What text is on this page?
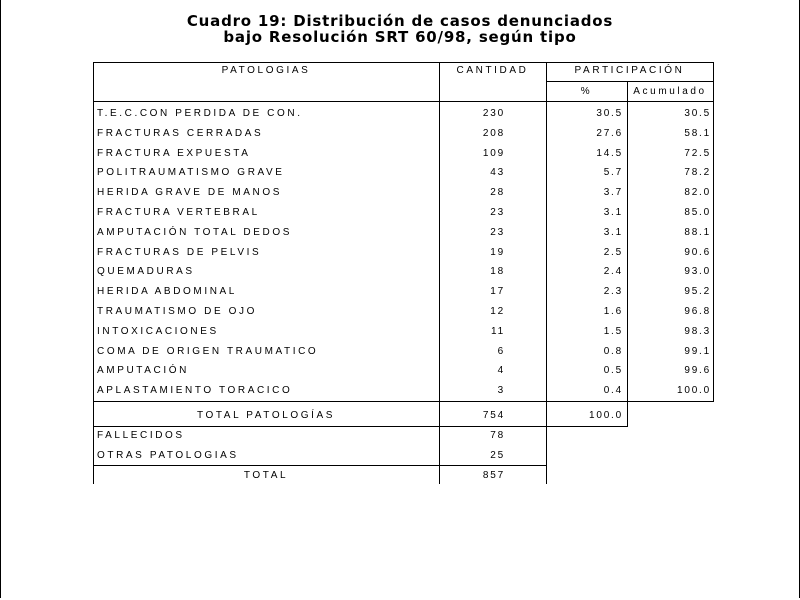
Cuadro 19: Distribución de casos denunciados
bajo Resolución SRT 60/98, según tipo
PATOLOGIAS	CANTIDAD	PARTICIPACIÓN
%	Acumulado
T.E.C.CON PERDIDA DE CON.	230	30.5	30.5
FRACTURAS CERRADAS	208	27.6	58.1
FRACTURA EXPUESTA	109	14.5	72.5
POLITRAUMATISMO GRAVE	43	5.7	78.2
HERIDA GRAVE DE MANOS	28	3.7	82.0
FRACTURA VERTEBRAL	23	3.1	85.0
AMPUTACIÓN TOTAL DEDOS	23	3.1	88.1
FRACTURAS DE PELVIS	19	2.5	90.6
QUEMADURAS	18	2.4	93.0
HERIDA ABDOMINAL	17	2.3	95.2
TRAUMATISMO DE OJO	12	1.6	96.8
INTOXICACIONES	11	1.5	98.3
COMA DE ORIGEN TRAUMATICO	6	0.8	99.1
AMPUTACIÓN	4	0.5	99.6
APLASTAMIENTO TORACICO	3	0.4	100.0
TOTAL PATOLOGÍAS	754	100.0
FALLECIDOS	78
OTRAS PATOLOGIAS	25
TOTAL	857
